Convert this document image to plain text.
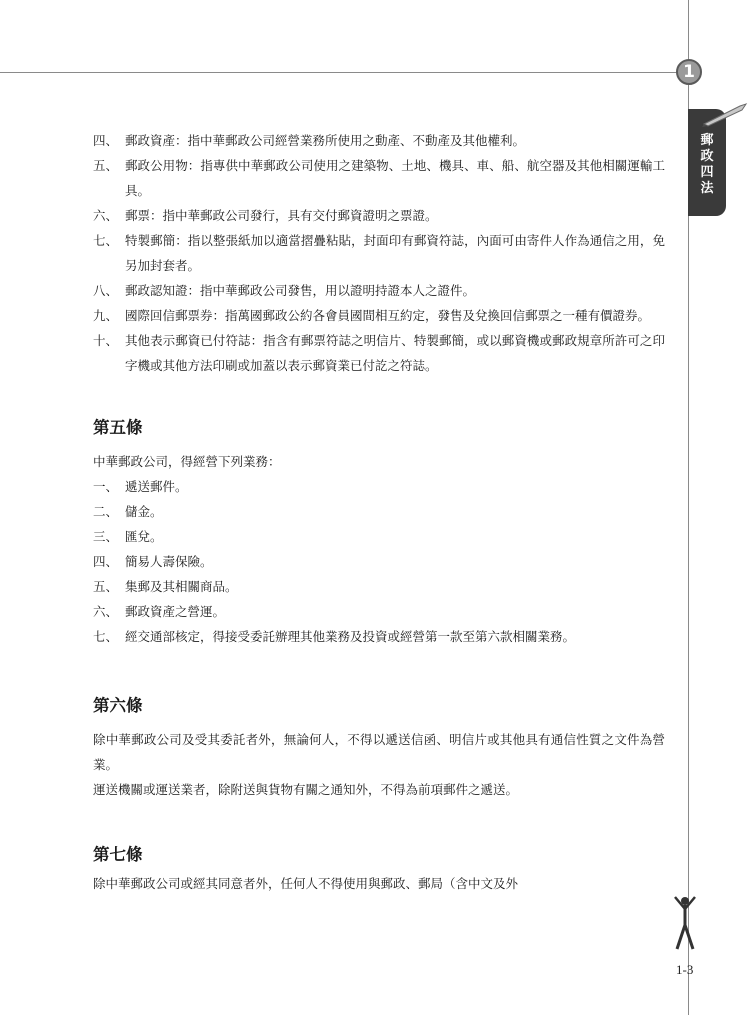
1
郵政四法
四、 郵政資產：指中華郵政公司經營業務所使用之動產、不動產及其他權利。
五、 郵政公用物：指專供中華郵政公司使用之建築物、土地、機具、車、船、航空器及其他相關運輸工具。
六、 郵票：指中華郵政公司發行，具有交付郵資證明之票證。
七、 特製郵簡：指以整張紙加以適當摺疊粘貼，封面印有郵資符誌，內面可由寄件人作為通信之用，免另加封套者。
八、 郵政認知證：指中華郵政公司發售，用以證明持證本人之證件。
九、 國際回信郵票券：指萬國郵政公約各會員國間相互約定，發售及兌換回信郵票之一種有價證券。
十、 其他表示郵資已付符誌：指含有郵票符誌之明信片、特製郵簡，或以郵資機或郵政規章所許可之印字機或其他方法印刷或加蓋以表示郵資業已付訖之符誌。
第五條

中華郵政公司，得經營下列業務：

一、 遞送郵件。
二、 儲金。
三、 匯兌。
四、 簡易人壽保險。
五、 集郵及其相關商品。
六、 郵政資產之營運。
七、 經交通部核定，得接受委託辦理其他業務及投資或經營第一款至第六款相關業務。
第六條

除中華郵政公司及受其委託者外，無論何人，不得以遞送信函、明信片或其他具有通信性質之文件為營業。

運送機關或運送業者，除附送與貨物有關之通知外，不得為前項郵件之遞送。

第七條

除中華郵政公司或經其同意者外，任何人不得使用與郵政、郵局（含中文及外

1-3
